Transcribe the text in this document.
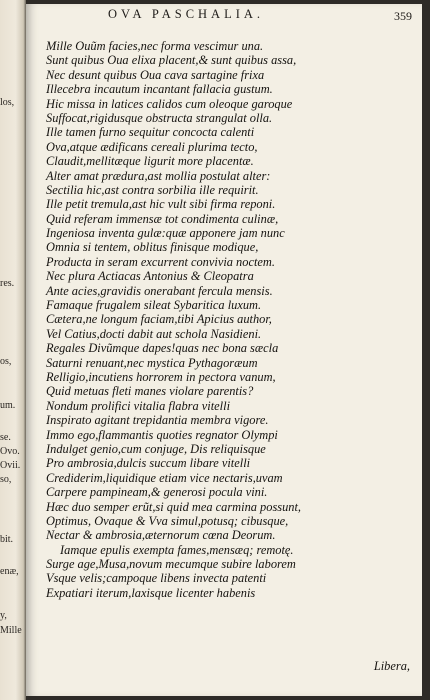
los,
res.
os,
um.
se.
Ovo.
Ovii.
so,
bit.
enæ,
y,
Mille
OVA PASCHALIA.	359
Mille Ouũm facies,nec forma vescimur una.
Sunt quibus Oua elixa placent,& sunt quibus assa,
Nec desunt quibus Oua cava sartagine frixa
Illecebra incautum incantant fallacia gustum.
Hic missa in latices calidos cum oleoque garoque
Suffocat,rigidusque obstructa strangulat olla.
Ille tamen furno sequitur concocta calenti
Ova,atque ædificans cereali plurima tecto,
Claudit,mellitæque ligurit more placentæ.
Alter amat prædura,ast mollia postulat alter:
Sectilia hic,ast contra sorbilia ille requirit.
Ille petit tremula,ast hic vult sibi firma reponi.
Quid referam immensæ tot condimenta culinæ,
Ingeniosa inventa gulæ:quæ apponere jam nunc
Omnia si tentem, oblitus finisque modique,
Producta in seram excurrent convivia noctem.
Nec plura Actiacas Antonius & Cleopatra
Ante acies,gravidis onerabant fercula mensis.
Famaque frugalem sileat Sybaritica luxum.
Cætera,ne longum faciam,tibi Apicius author,
Vel Catius,docti dabit aut schola Nasidieni.
Regales Divũmque dapes!quas nec bona sæcla
Saturni renuant,nec mystica Pythagoræum
Relligio,incutiens horrorem in pectora vanum,
Quid metuas fleti manes violare parentis?
Nondum prolifici vitalia flabra vitelli
Inspirato agitant trepidantia membra vigore.
Immo ego,flammantis quoties regnator Olympi
Indulget genio,cum conjuge, Dis reliquisque
Pro ambrosia,dulcis succum libare vitelli
Crediderim,liquidique etiam vice nectaris,uvam
Carpere pampineam,& generosi pocula vini.
Hæc duo semper erũt,si quid mea carmina possunt,
Optimus, Ovaque & Vva simul,potusq; cibusque,
Nectar & ambrosia,æternorum cœna Deorum.
Iamque epulis exempta fames,mensæq; remotę.
Surge age,Musa,novum mecumque subire laborem
Vsque velis;campoque libens invecta patenti
Expatiari iterum,laxisque licenter habenis
Libera,
